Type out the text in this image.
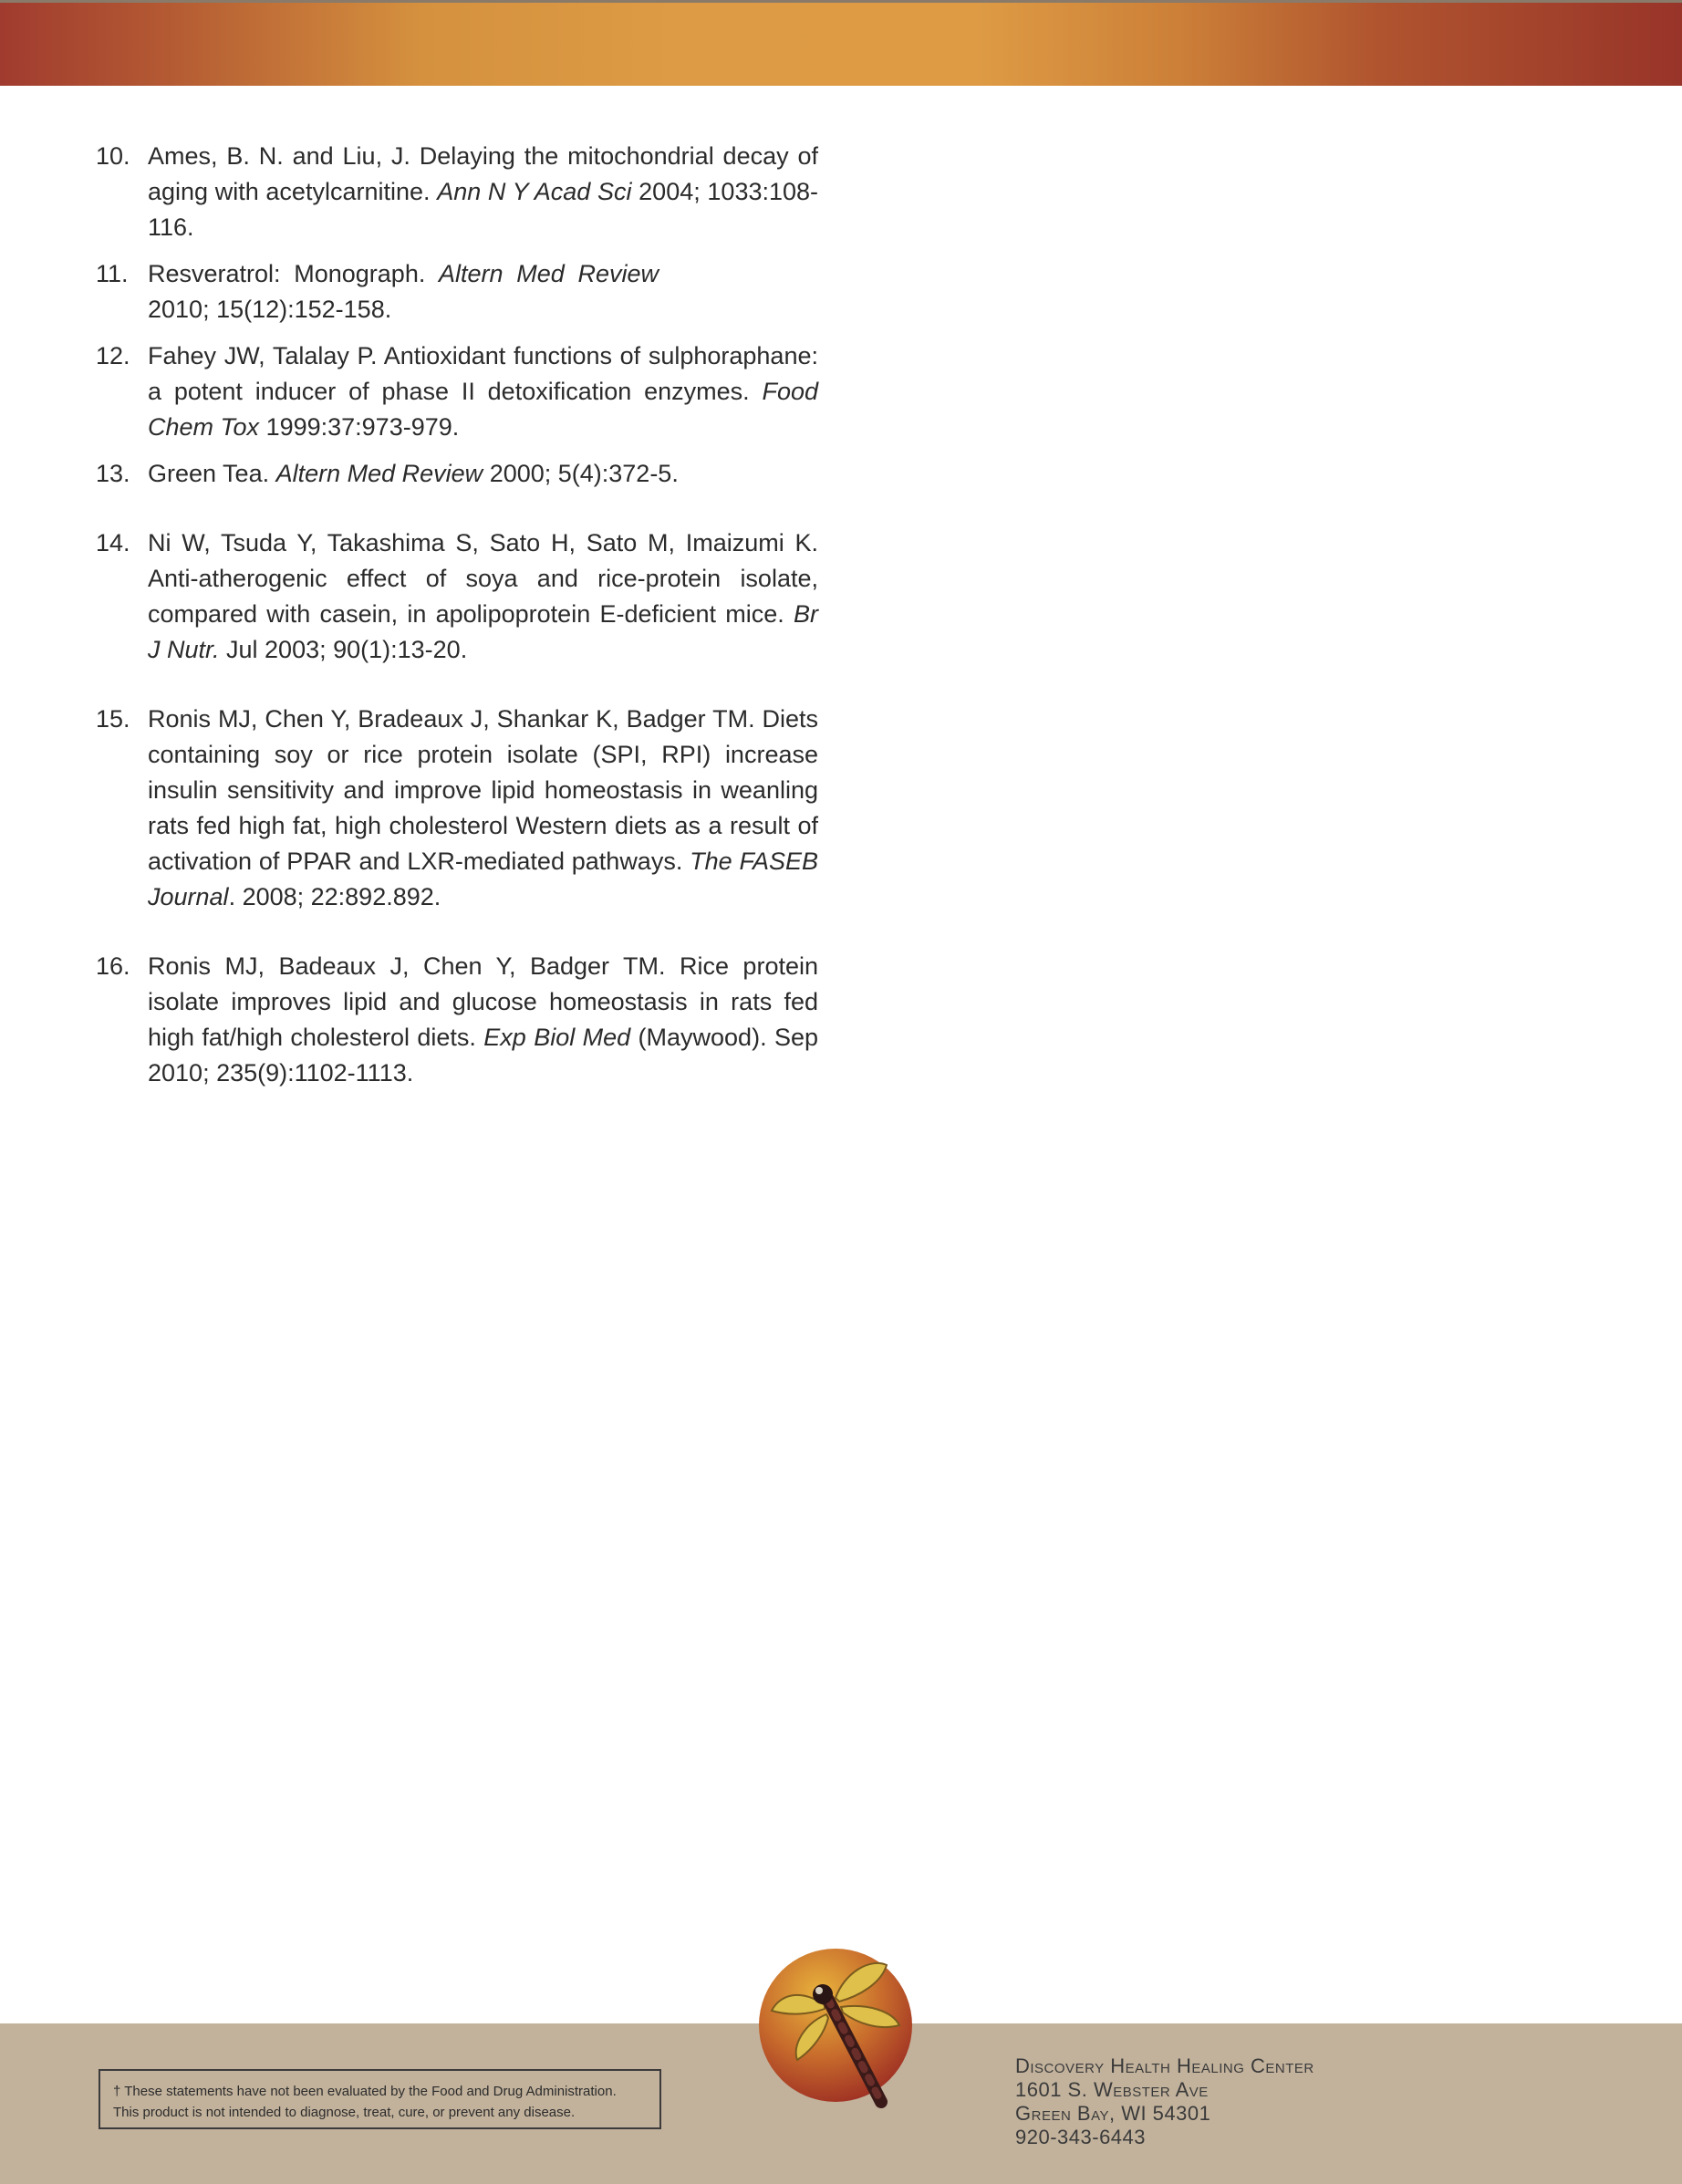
10. Ames, B. N. and Liu, J. Delaying the mitochondrial decay of aging with acetylcarnitine. Ann N Y Acad Sci 2004; 1033:108-116.
11. Resveratrol: Monograph. Altern Med Review 2010; 15(12):152-158.
12. Fahey JW, Talalay P. Antioxidant functions of sulphoraphane: a potent inducer of phase II detoxification enzymes. Food Chem Tox 1999:37:973-979.
13. Green Tea. Altern Med Review 2000; 5(4):372-5.
14. Ni W, Tsuda Y, Takashima S, Sato H, Sato M, Imaizumi K. Anti-atherogenic effect of soya and rice-protein isolate, compared with casein, in apolipoprotein E-deficient mice. Br J Nutr. Jul 2003; 90(1):13-20.
15. Ronis MJ, Chen Y, Bradeaux J, Shankar K, Badger TM. Diets containing soy or rice protein isolate (SPI, RPI) increase insulin sensitivity and improve lipid homeostasis in weanling rats fed high fat, high cholesterol Western diets as a result of activation of PPAR and LXR-mediated pathways. The FASEB Journal. 2008; 22:892.892.
16. Ronis MJ, Badeaux J, Chen Y, Badger TM. Rice protein isolate improves lipid and glucose homeostasis in rats fed high fat/high cholesterol diets. Exp Biol Med (Maywood). Sep 2010; 235(9):1102-1113.
† These statements have not been evaluated by the Food and Drug Administration.
This product is not intended to diagnose, treat, cure, or prevent any disease.
Discovery Health Healing Center
1601 S. Webster Ave
Green Bay, WI 54301
920-343-6443
